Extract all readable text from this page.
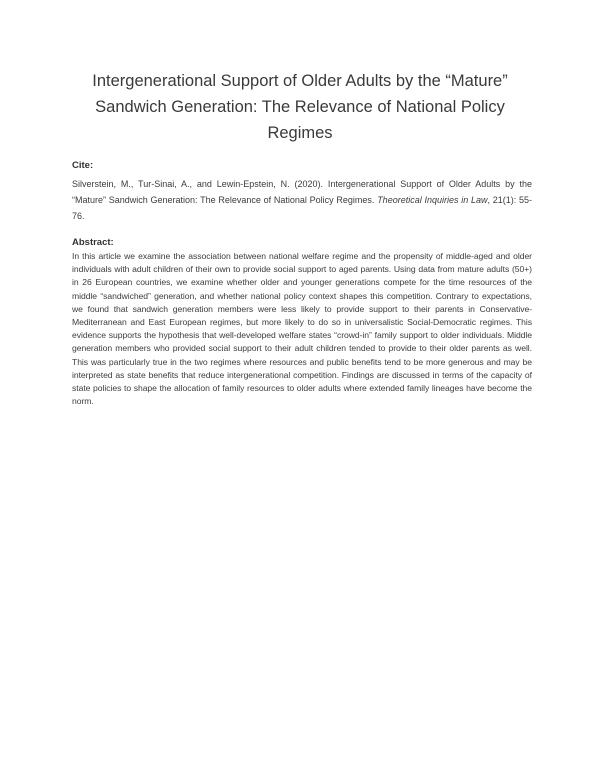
Intergenerational Support of Older Adults by the “Mature” Sandwich Generation: The Relevance of National Policy Regimes
Cite:

Silverstein, M., Tur-Sinai, A., and Lewin-Epstein, N. (2020). Intergenerational Support of Older Adults by the “Mature” Sandwich Generation: The Relevance of National Policy Regimes. Theoretical Inquiries in Law, 21(1): 55-76.

Abstract:

In this article we examine the association between national welfare regime and the propensity of middle-aged and older individuals with adult children of their own to provide social support to aged parents. Using data from mature adults (50+) in 26 European countries, we examine whether older and younger generations compete for the time resources of the middle “sandwiched” generation, and whether national policy context shapes this competition. Contrary to expectations, we found that sandwich generation members were less likely to provide support to their parents in Conservative-Mediterranean and East European regimes, but more likely to do so in universalistic Social-Democratic regimes. This evidence supports the hypothesis that well-developed welfare states “crowd-in” family support to older individuals. Middle generation members who provided social support to their adult children tended to provide to their older parents as well. This was particularly true in the two regimes where resources and public benefits tend to be more generous and may be interpreted as state benefits that reduce intergenerational competition. Findings are discussed in terms of the capacity of state policies to shape the allocation of family resources to older adults where extended family lineages have become the norm.
